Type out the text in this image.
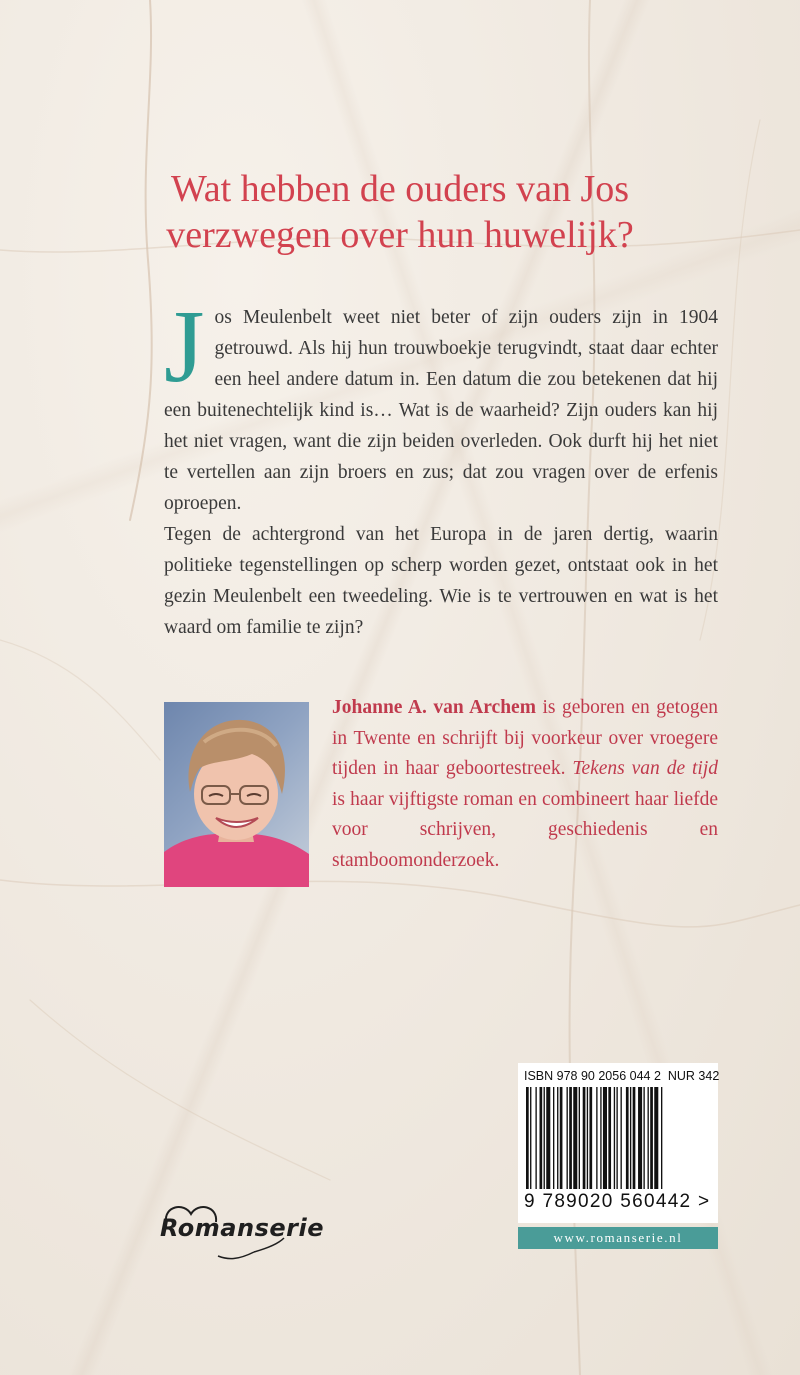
Wat hebben de ouders van Jos
verzwegen over hun huwelijk?

Jos Meulenbelt weet niet beter of zijn ouders zijn in 1904 getrouwd. Als hij hun trouwboekje terugvindt, staat daar echter een heel andere datum in. Een datum die zou betekenen dat hij een buitenechtelijk kind is… Wat is de waarheid? Zijn ouders kan hij het niet vragen, want die zijn beiden overleden. Ook durft hij het niet te vertellen aan zijn broers en zus; dat zou vragen over de erfenis oproepen.

Tegen de achtergrond van het Europa in de jaren dertig, waarin politieke tegenstellingen op scherp worden gezet, ontstaat ook in het gezin Meulenbelt een tweedeling. Wie is te vertrouwen en wat is het waard om familie te zijn?

Johanne A. van Archem is geboren en getogen in Twente en schrijft bij voorkeur over vroegere tijden in haar geboortestreek. Tekens van de tijd is haar vijftigste roman en combineert haar liefde voor schrijven, geschiedenis en stamboomonderzoek.
Romanserie
ISBN 978 90 2056 044 2 NUR 342
9 789020 560442 >
www.romanserie.nl
